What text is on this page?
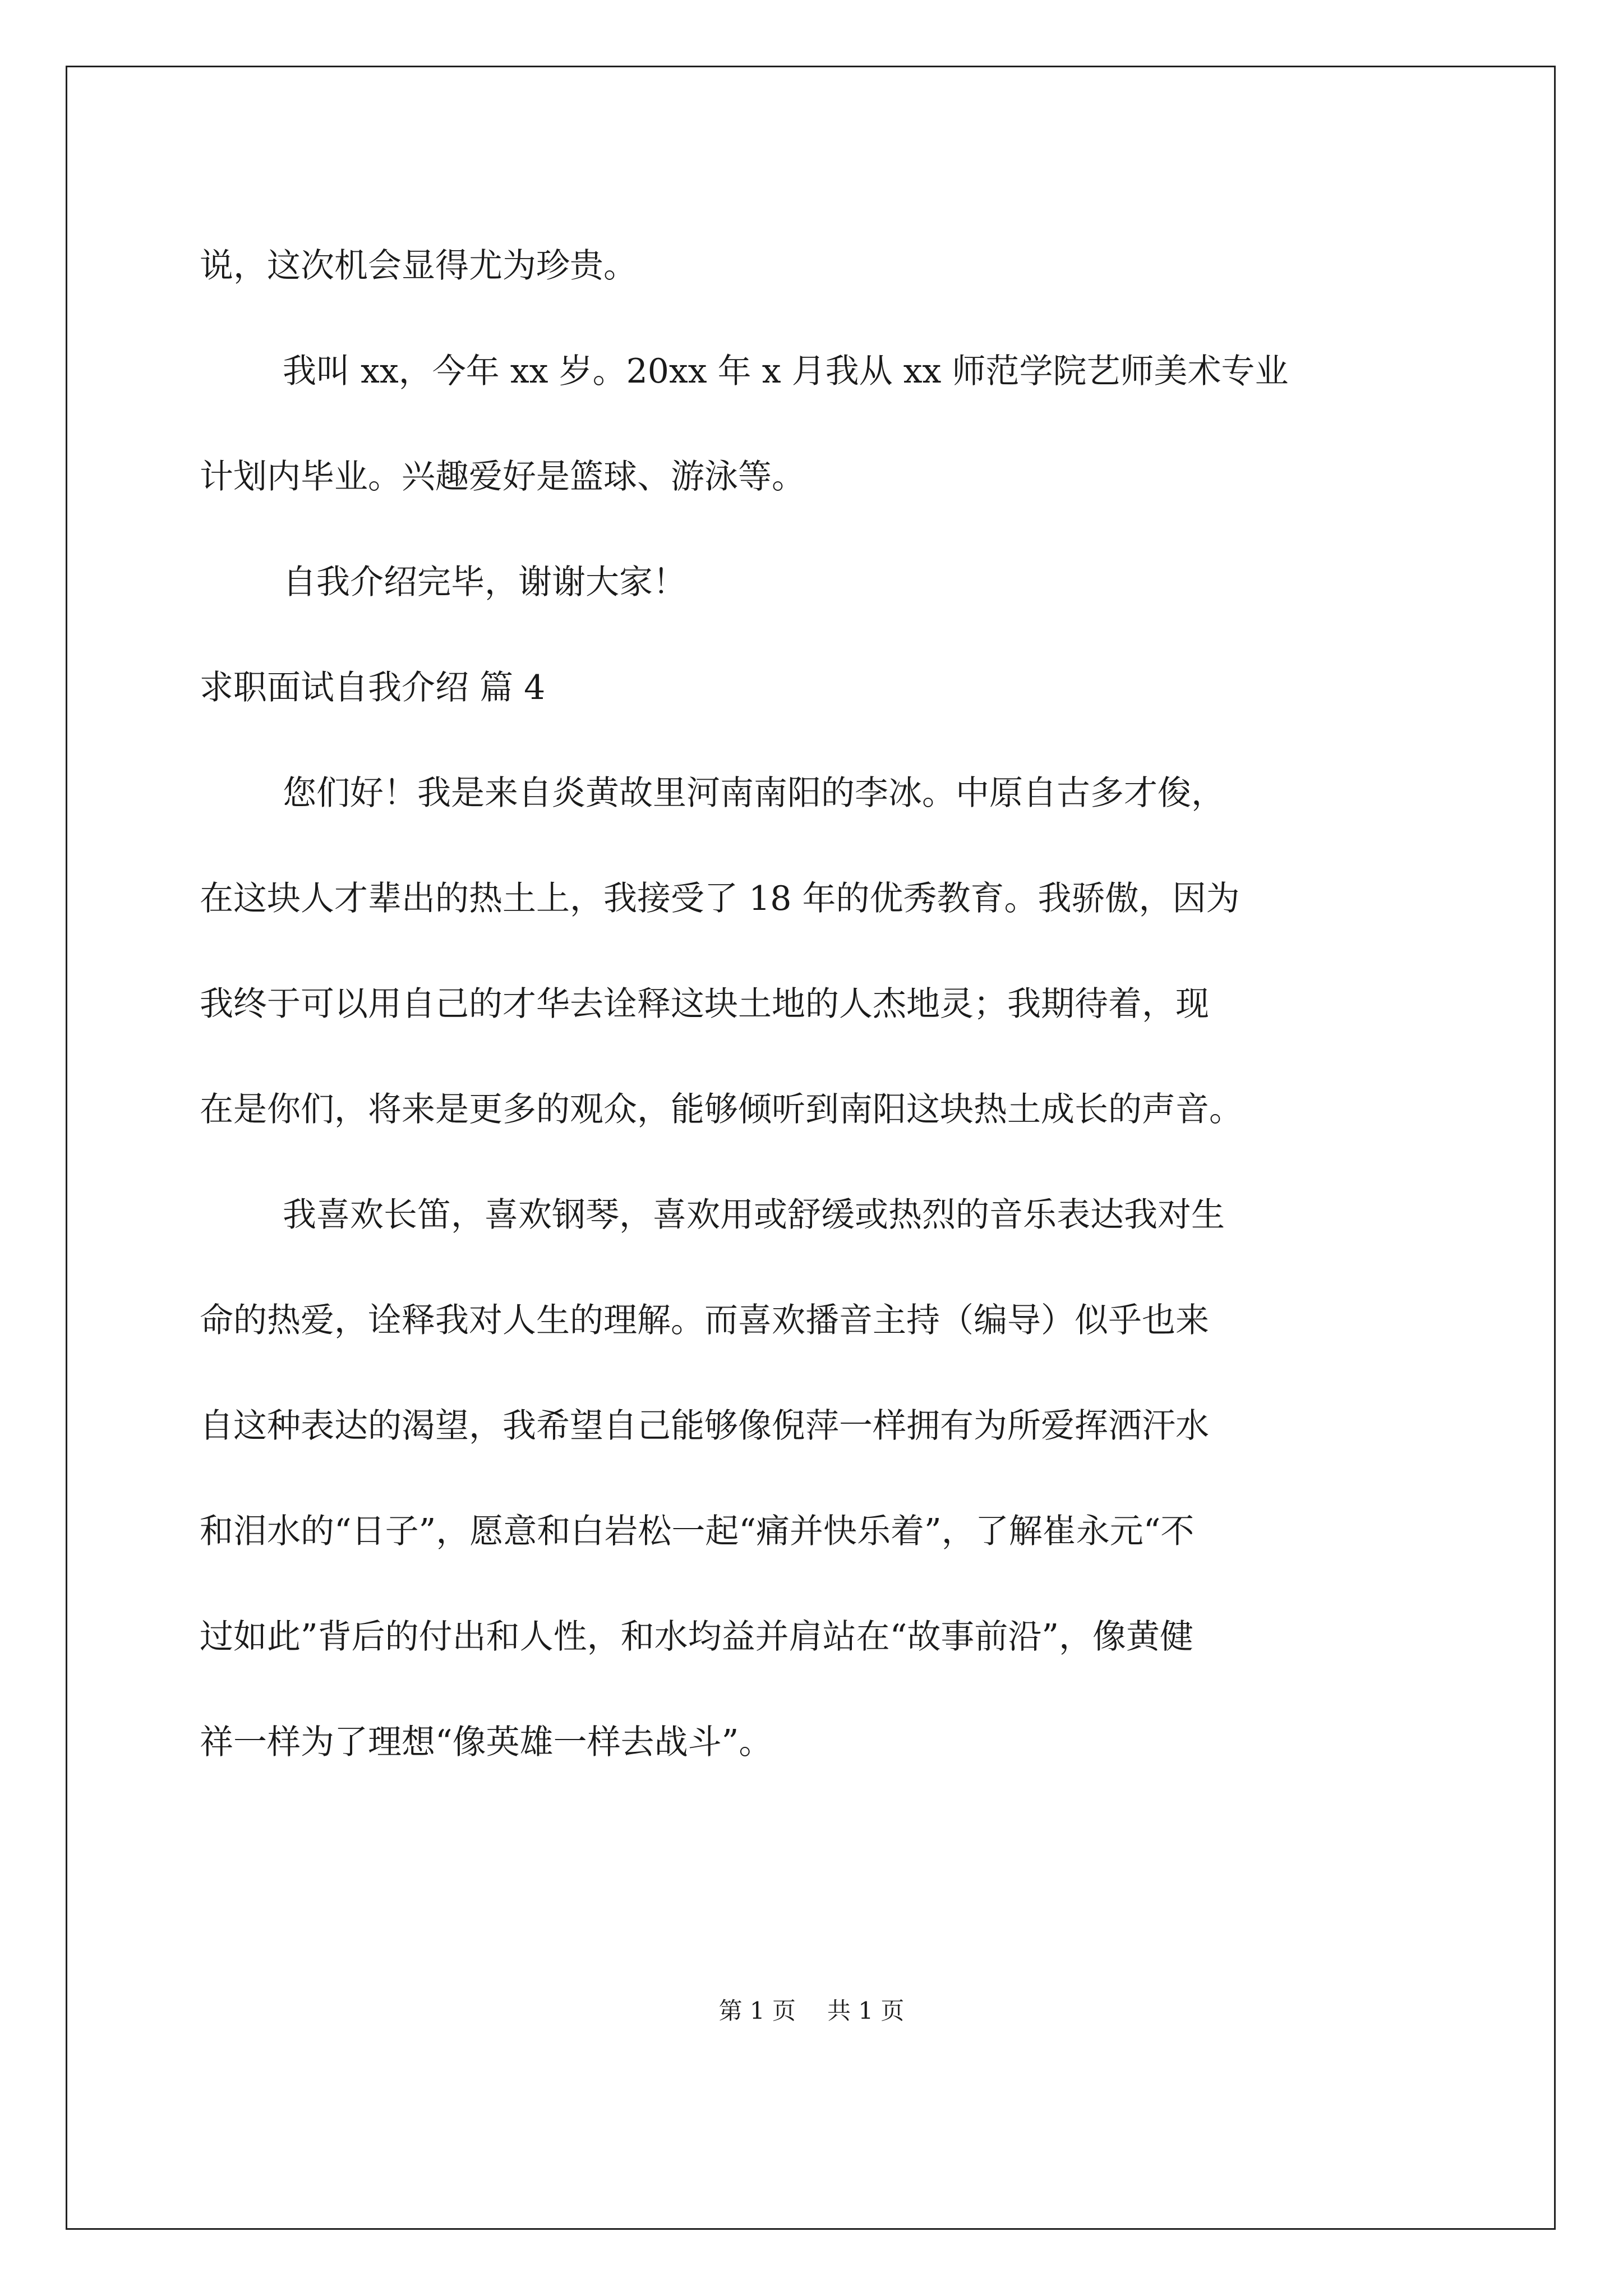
说，这次机会显得尤为珍贵。
我叫 xx，今年 xx 岁。20xx 年 x 月我从 xx 师范学院艺师美术专业
计划内毕业。兴趣爱好是篮球、游泳等。
自我介绍完毕，谢谢大家！
求职面试自我介绍 篇 4
您们好！我是来自炎黄故里河南南阳的李冰。中原自古多才俊，
在这块人才辈出的热土上，我接受了 18 年的优秀教育。我骄傲，因为
我终于可以用自己的才华去诠释这块土地的人杰地灵；我期待着，现
在是你们，将来是更多的观众，能够倾听到南阳这块热土成长的声音。
我喜欢长笛，喜欢钢琴，喜欢用或舒缓或热烈的音乐表达我对生
命的热爱，诠释我对人生的理解。而喜欢播音主持（编导）似乎也来
自这种表达的渴望，我希望自己能够像倪萍一样拥有为所爱挥洒汗水
和泪水的“日子”，愿意和白岩松一起“痛并快乐着”，了解崔永元“不
过如此”背后的付出和人性，和水均益并肩站在“故事前沿”，像黄健
祥一样为了理想“像英雄一样去战斗”。
第 1 页 共 1 页
